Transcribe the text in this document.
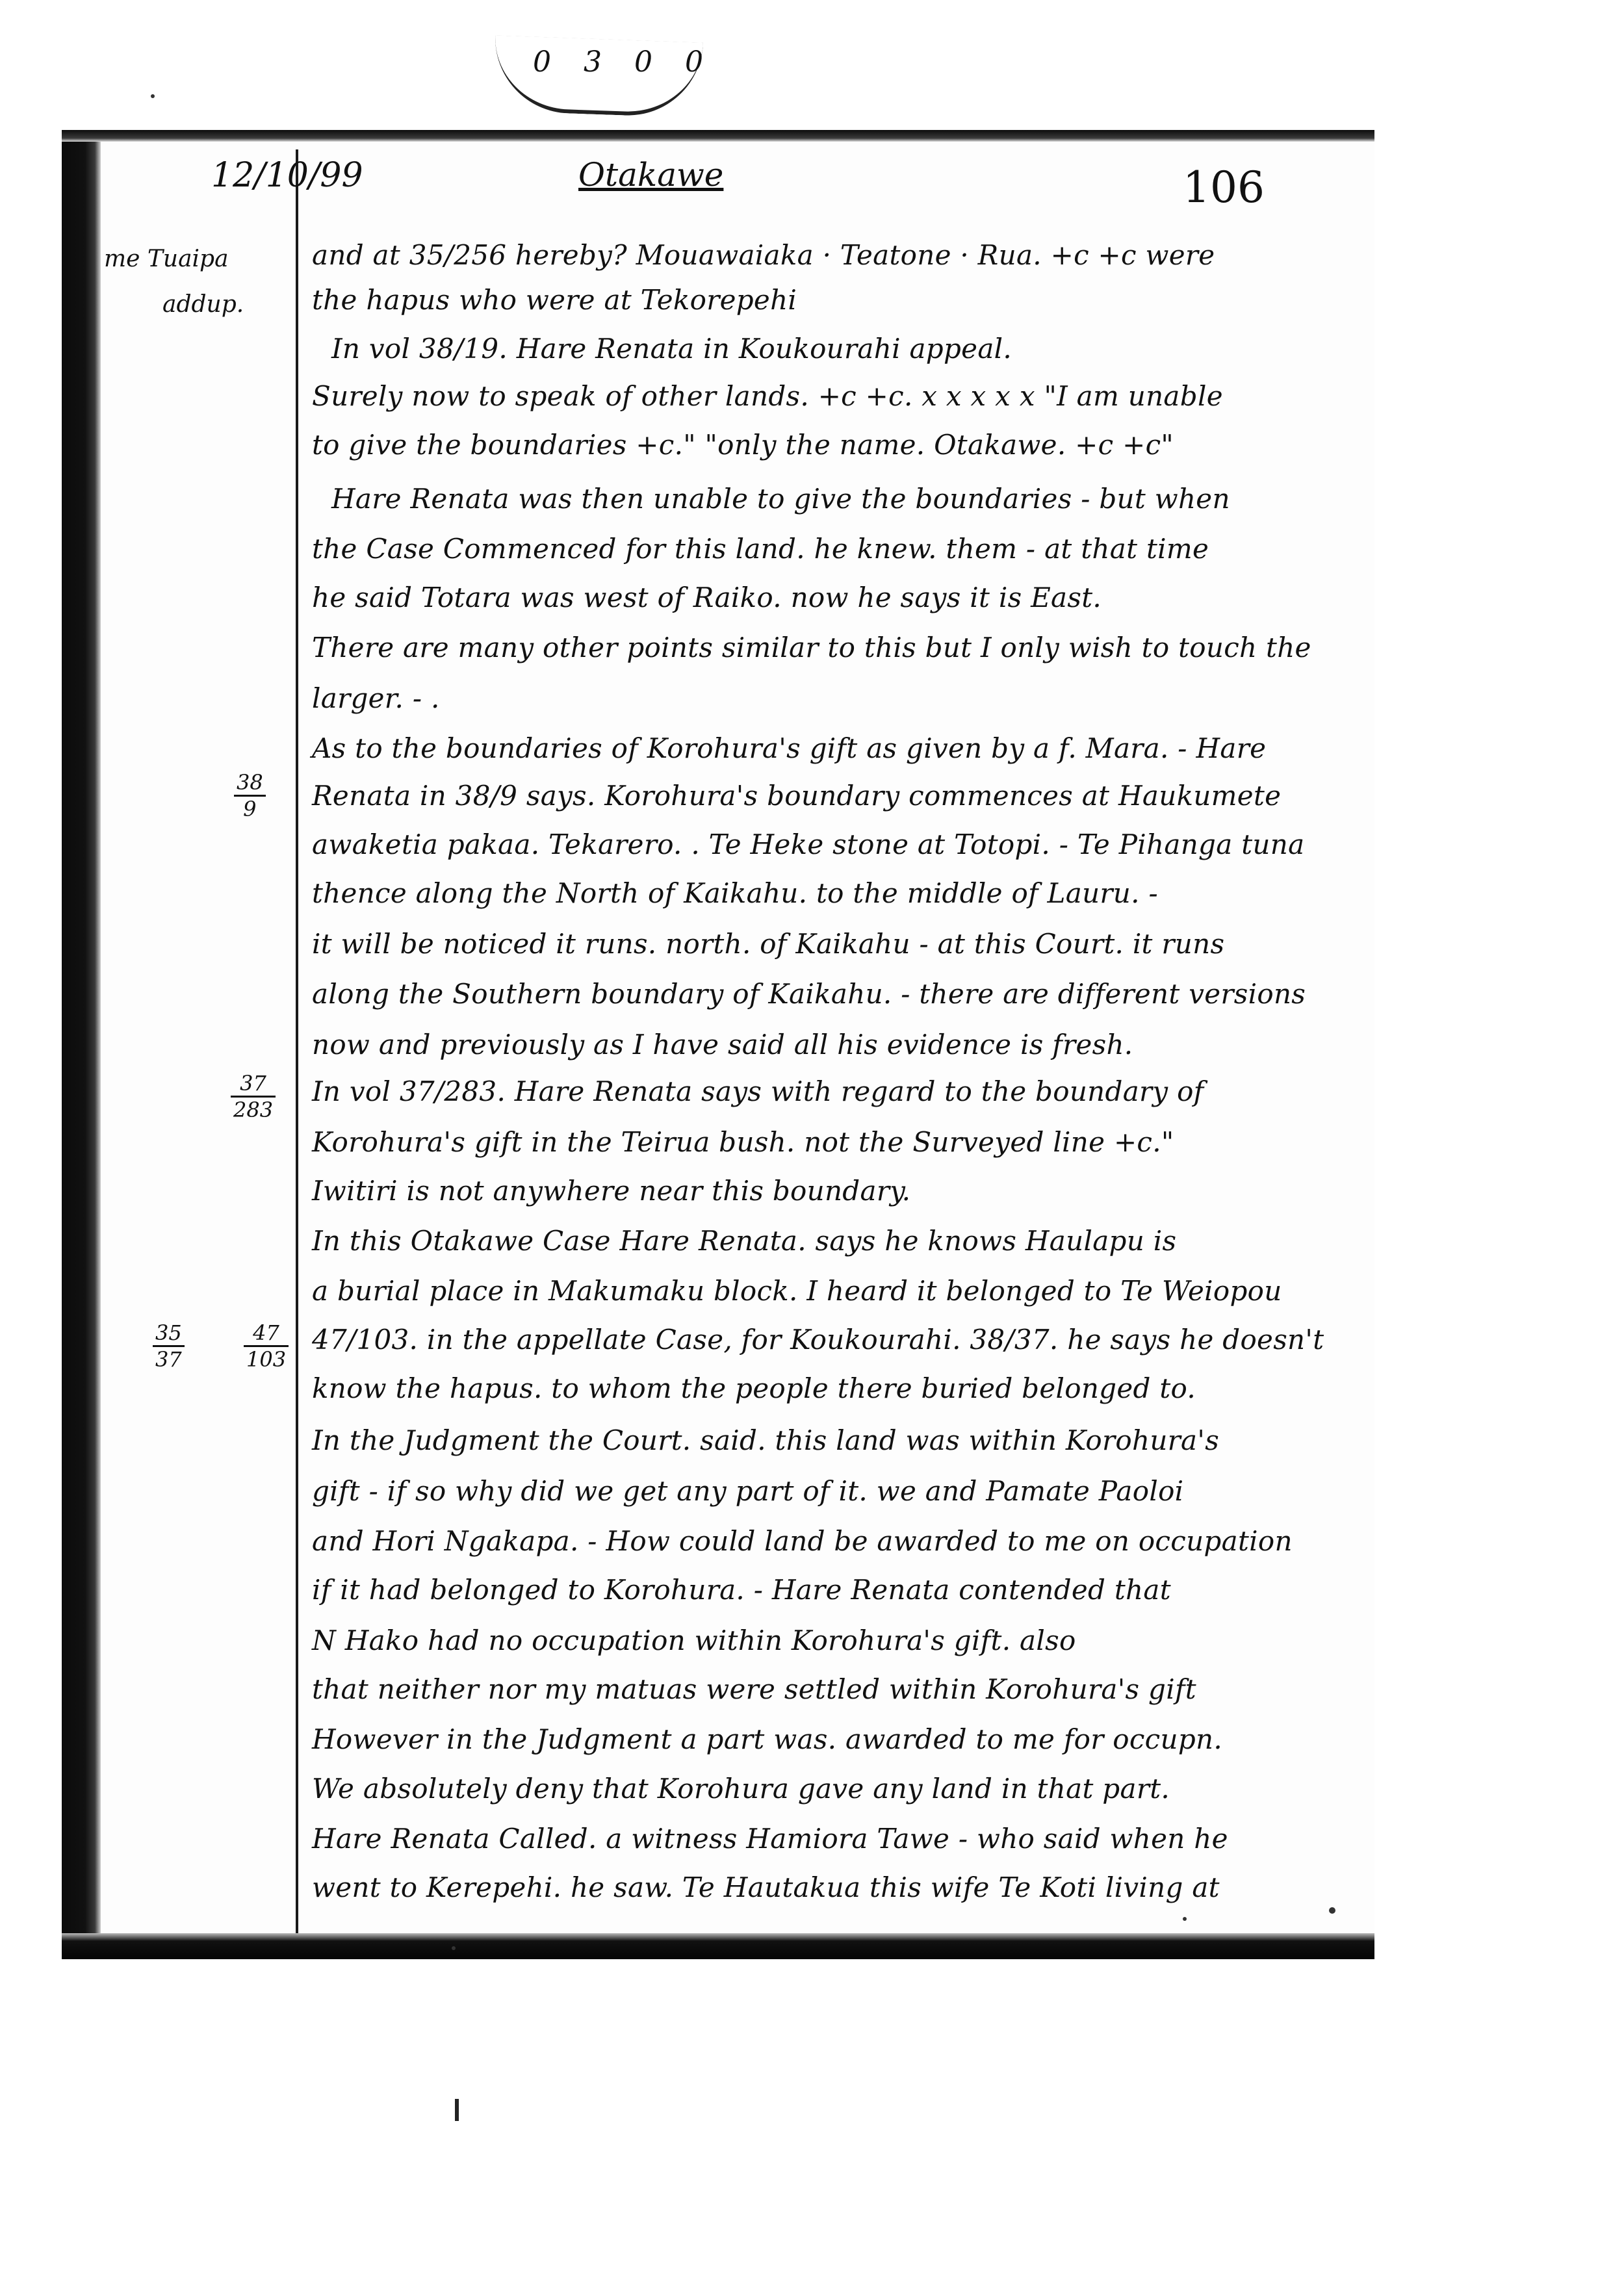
0 3 0 0
12/10/99	Otakawe	106
me Tuaipa
addup.
$\frac{38}{9}$
$\frac{37}{283}$
$\frac{35}{37}$	$\frac{47}{103}$
and at 35/256 hereby? Mouawaiaka · Teatone · Rua. +c +c were
the hapus who were at Tekorepehi
In vol 38/19. Hare Renata in Koukourahi appeal.
Surely now to speak of other lands. +c +c. x x x x x "I am unable
to give the boundaries +c." "only the name. Otakawe. +c +c"
Hare Renata was then unable to give the boundaries - but when
the Case Commenced for this land. he knew. them - at that time
he said Totara was west of Raiko. now he says it is East.
There are many other points similar to this but I only wish to touch the
larger. - .
As to the boundaries of Korohura's gift as given by a f. Mara. - Hare
Renata in 38/9 says. Korohura's boundary commences at Haukumete
awaketia pakaa. Tekarero. . Te Heke stone at Totopi. - Te Pihanga tuna
thence along the North of Kaikahu. to the middle of Lauru. -
it will be noticed it runs. north. of Kaikahu - at this Court. it runs
along the Southern boundary of Kaikahu. - there are different versions
now and previously as I have said all his evidence is fresh.
In vol 37/283. Hare Renata says with regard to the boundary of
Korohura's gift in the Teirua bush. not the Surveyed line +c."
Iwitiri is not anywhere near this boundary.
In this Otakawe Case Hare Renata. says he knows Haulapu is
a burial place in Makumaku block. I heard it belonged to Te Weiopou
47/103. in the appellate Case, for Koukourahi. 38/37. he says he doesn't
know the hapus. to whom the people there buried belonged to.
In the Judgment the Court. said. this land was within Korohura's
gift - if so why did we get any part of it. we and Pamate Paoloi
and Hori Ngakapa. - How could land be awarded to me on occupation
if it had belonged to Korohura. - Hare Renata contended that
N Hako had no occupation within Korohura's gift. also
that neither nor my matuas were settled within Korohura's gift
However in the Judgment a part was. awarded to me for occupn.
We absolutely deny that Korohura gave any land in that part.
Hare Renata Called. a witness Hamiora Tawe - who said when he
went to Kerepehi. he saw. Te Hautakua this wife Te Koti living at
